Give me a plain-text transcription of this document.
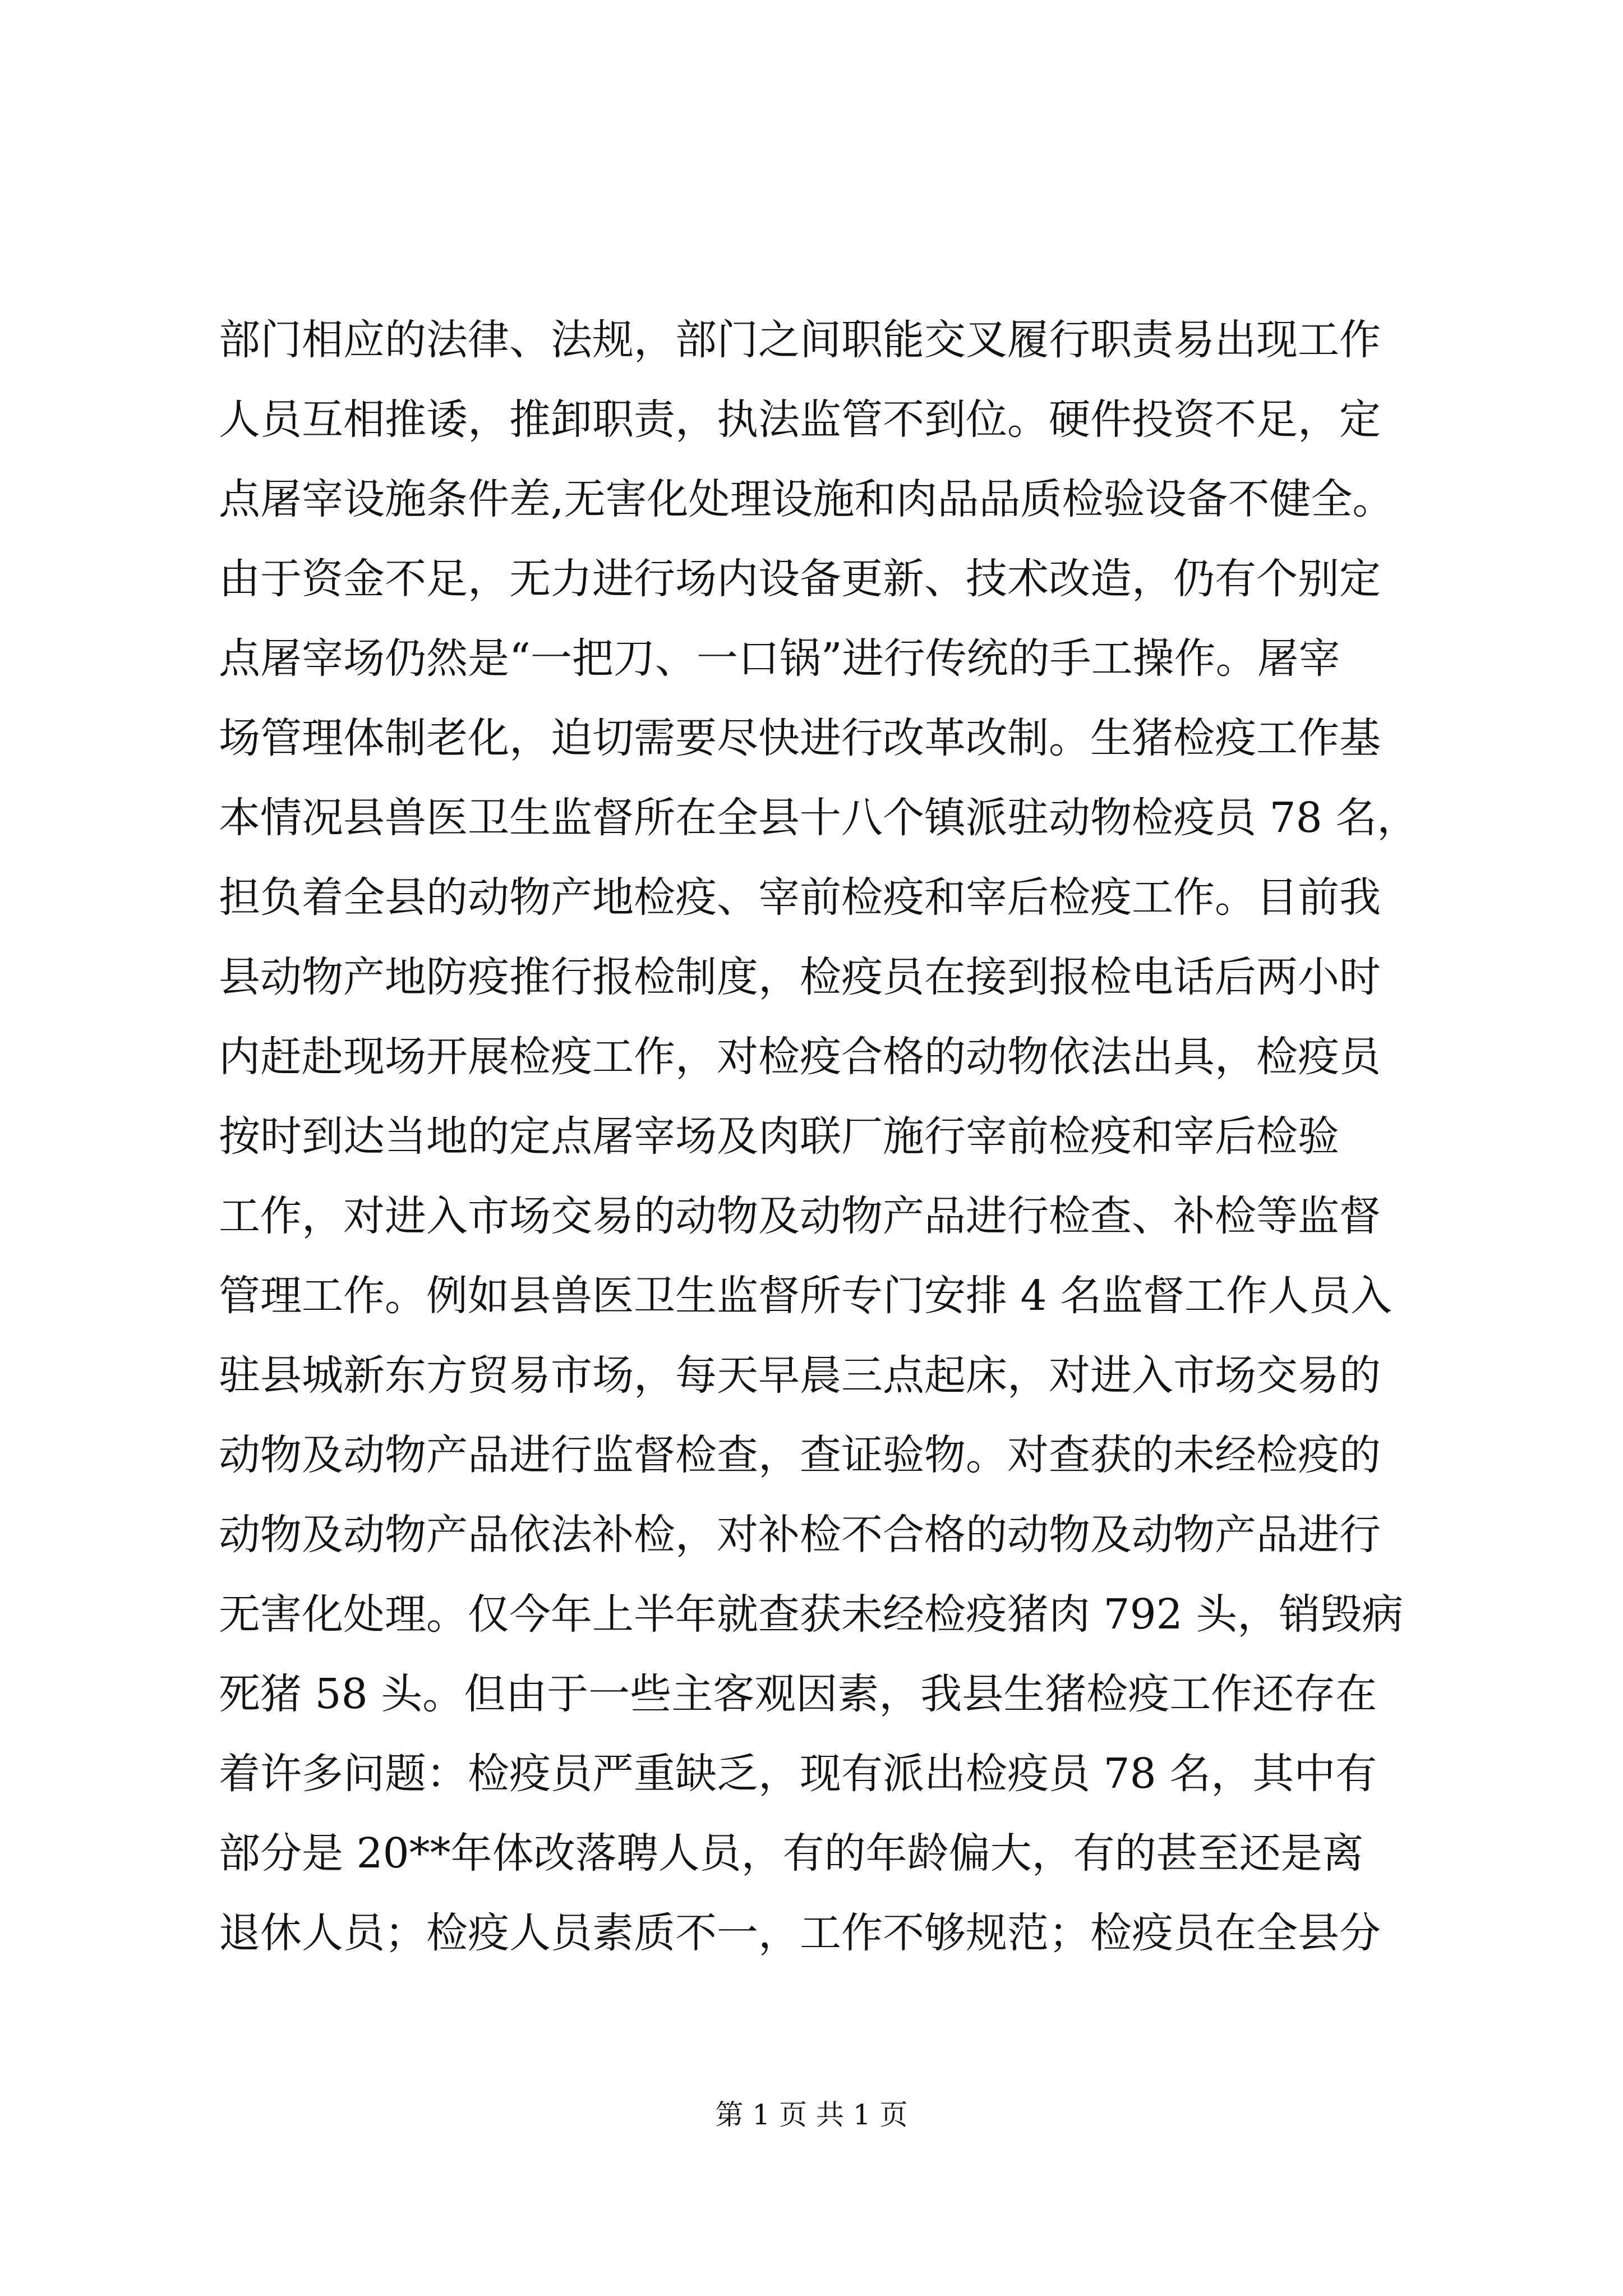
部门相应的法律、法规，部门之间职能交叉履行职责易出现工作
人员互相推诿，推卸职责，执法监管不到位。硬件投资不足，定
点屠宰设施条件差,无害化处理设施和肉品品质检验设备不健全。
由于资金不足，无力进行场内设备更新、技术改造，仍有个别定
点屠宰场仍然是“一把刀、一口锅”进行传统的手工操作。屠宰
场管理体制老化，迫切需要尽快进行改革改制。生猪检疫工作基
本情况县兽医卫生监督所在全县十八个镇派驻动物检疫员 78 名，
担负着全县的动物产地检疫、宰前检疫和宰后检疫工作。目前我
县动物产地防疫推行报检制度，检疫员在接到报检电话后两小时
内赶赴现场开展检疫工作，对检疫合格的动物依法出具，检疫员
按时到达当地的定点屠宰场及肉联厂施行宰前检疫和宰后检验
工作，对进入市场交易的动物及动物产品进行检查、补检等监督
管理工作。例如县兽医卫生监督所专门安排 4 名监督工作人员入
驻县城新东方贸易市场，每天早晨三点起床，对进入市场交易的
动物及动物产品进行监督检查，查证验物。对查获的未经检疫的
动物及动物产品依法补检，对补检不合格的动物及动物产品进行
无害化处理。仅今年上半年就查获未经检疫猪肉 792 头，销毁病
死猪 58 头。但由于一些主客观因素，我县生猪检疫工作还存在
着许多问题：检疫员严重缺乏，现有派出检疫员 78 名，其中有
部分是 20**年体改落聘人员，有的年龄偏大，有的甚至还是离
退休人员；检疫人员素质不一，工作不够规范；检疫员在全县分
第 1 页 共 1 页
